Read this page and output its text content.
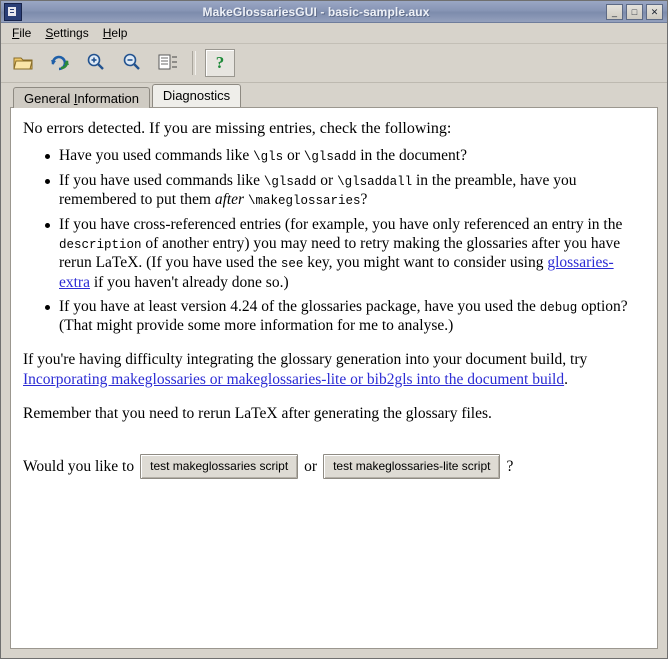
MakeGlossariesGUI - basic-sample.aux	_	□	✕
File	Settings	Help
?
General Information	Diagnostics
No errors detected. If you are missing entries, check the following:
Have you used commands like \gls or \glsadd in the document?
If you have used commands like \glsadd or \glsaddall in the preamble, have you remembered to put them after \makeglossaries?
If you have cross-referenced entries (for example, you have only referenced an entry in the description of another entry) you may need to retry making the glossaries after you have rerun LaTeX. (If you have used the see key, you might want to consider using glossaries-extra if you haven't already done so.)
If you have at least version 4.24 of the glossaries package, have you used the debug option? (That might provide some more information for me to analyse.)
If you're having difficulty integrating the glossary generation into your document build, try Incorporating makeglossaries or makeglossaries-lite or bib2gls into the document build.
Remember that you need to rerun LaTeX after generating the glossary files.
Would you like to	test makeglossaries script	or	test makeglossaries-lite script	?
